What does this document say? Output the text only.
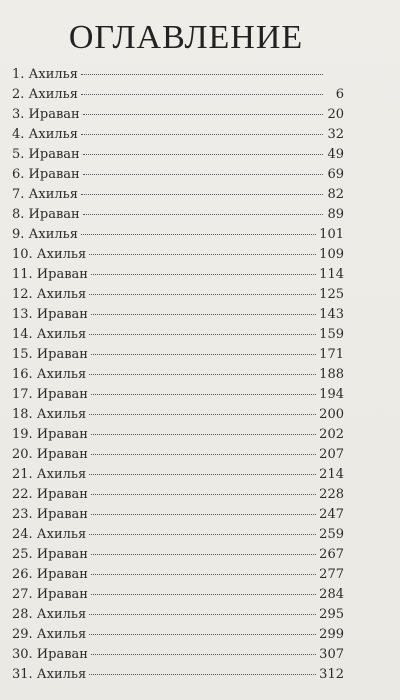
ОГЛАВЛЕНИЕ
1. Ахилья
2. Ахилья	6
3. Ираван	20
4. Ахилья	32
5. Ираван	49
6. Ираван	69
7. Ахилья	82
8. Ираван	89
9. Ахилья	101
10. Ахилья	109
11. Ираван	114
12. Ахилья	125
13. Ираван	143
14. Ахилья	159
15. Ираван	171
16. Ахилья	188
17. Ираван	194
18. Ахилья	200
19. Ираван	202
20. Ираван	207
21. Ахилья	214
22. Ираван	228
23. Ираван	247
24. Ахилья	259
25. Ираван	267
26. Ираван	277
27. Ираван	284
28. Ахилья	295
29. Ахилья	299
30. Ираван	307
31. Ахилья	312
